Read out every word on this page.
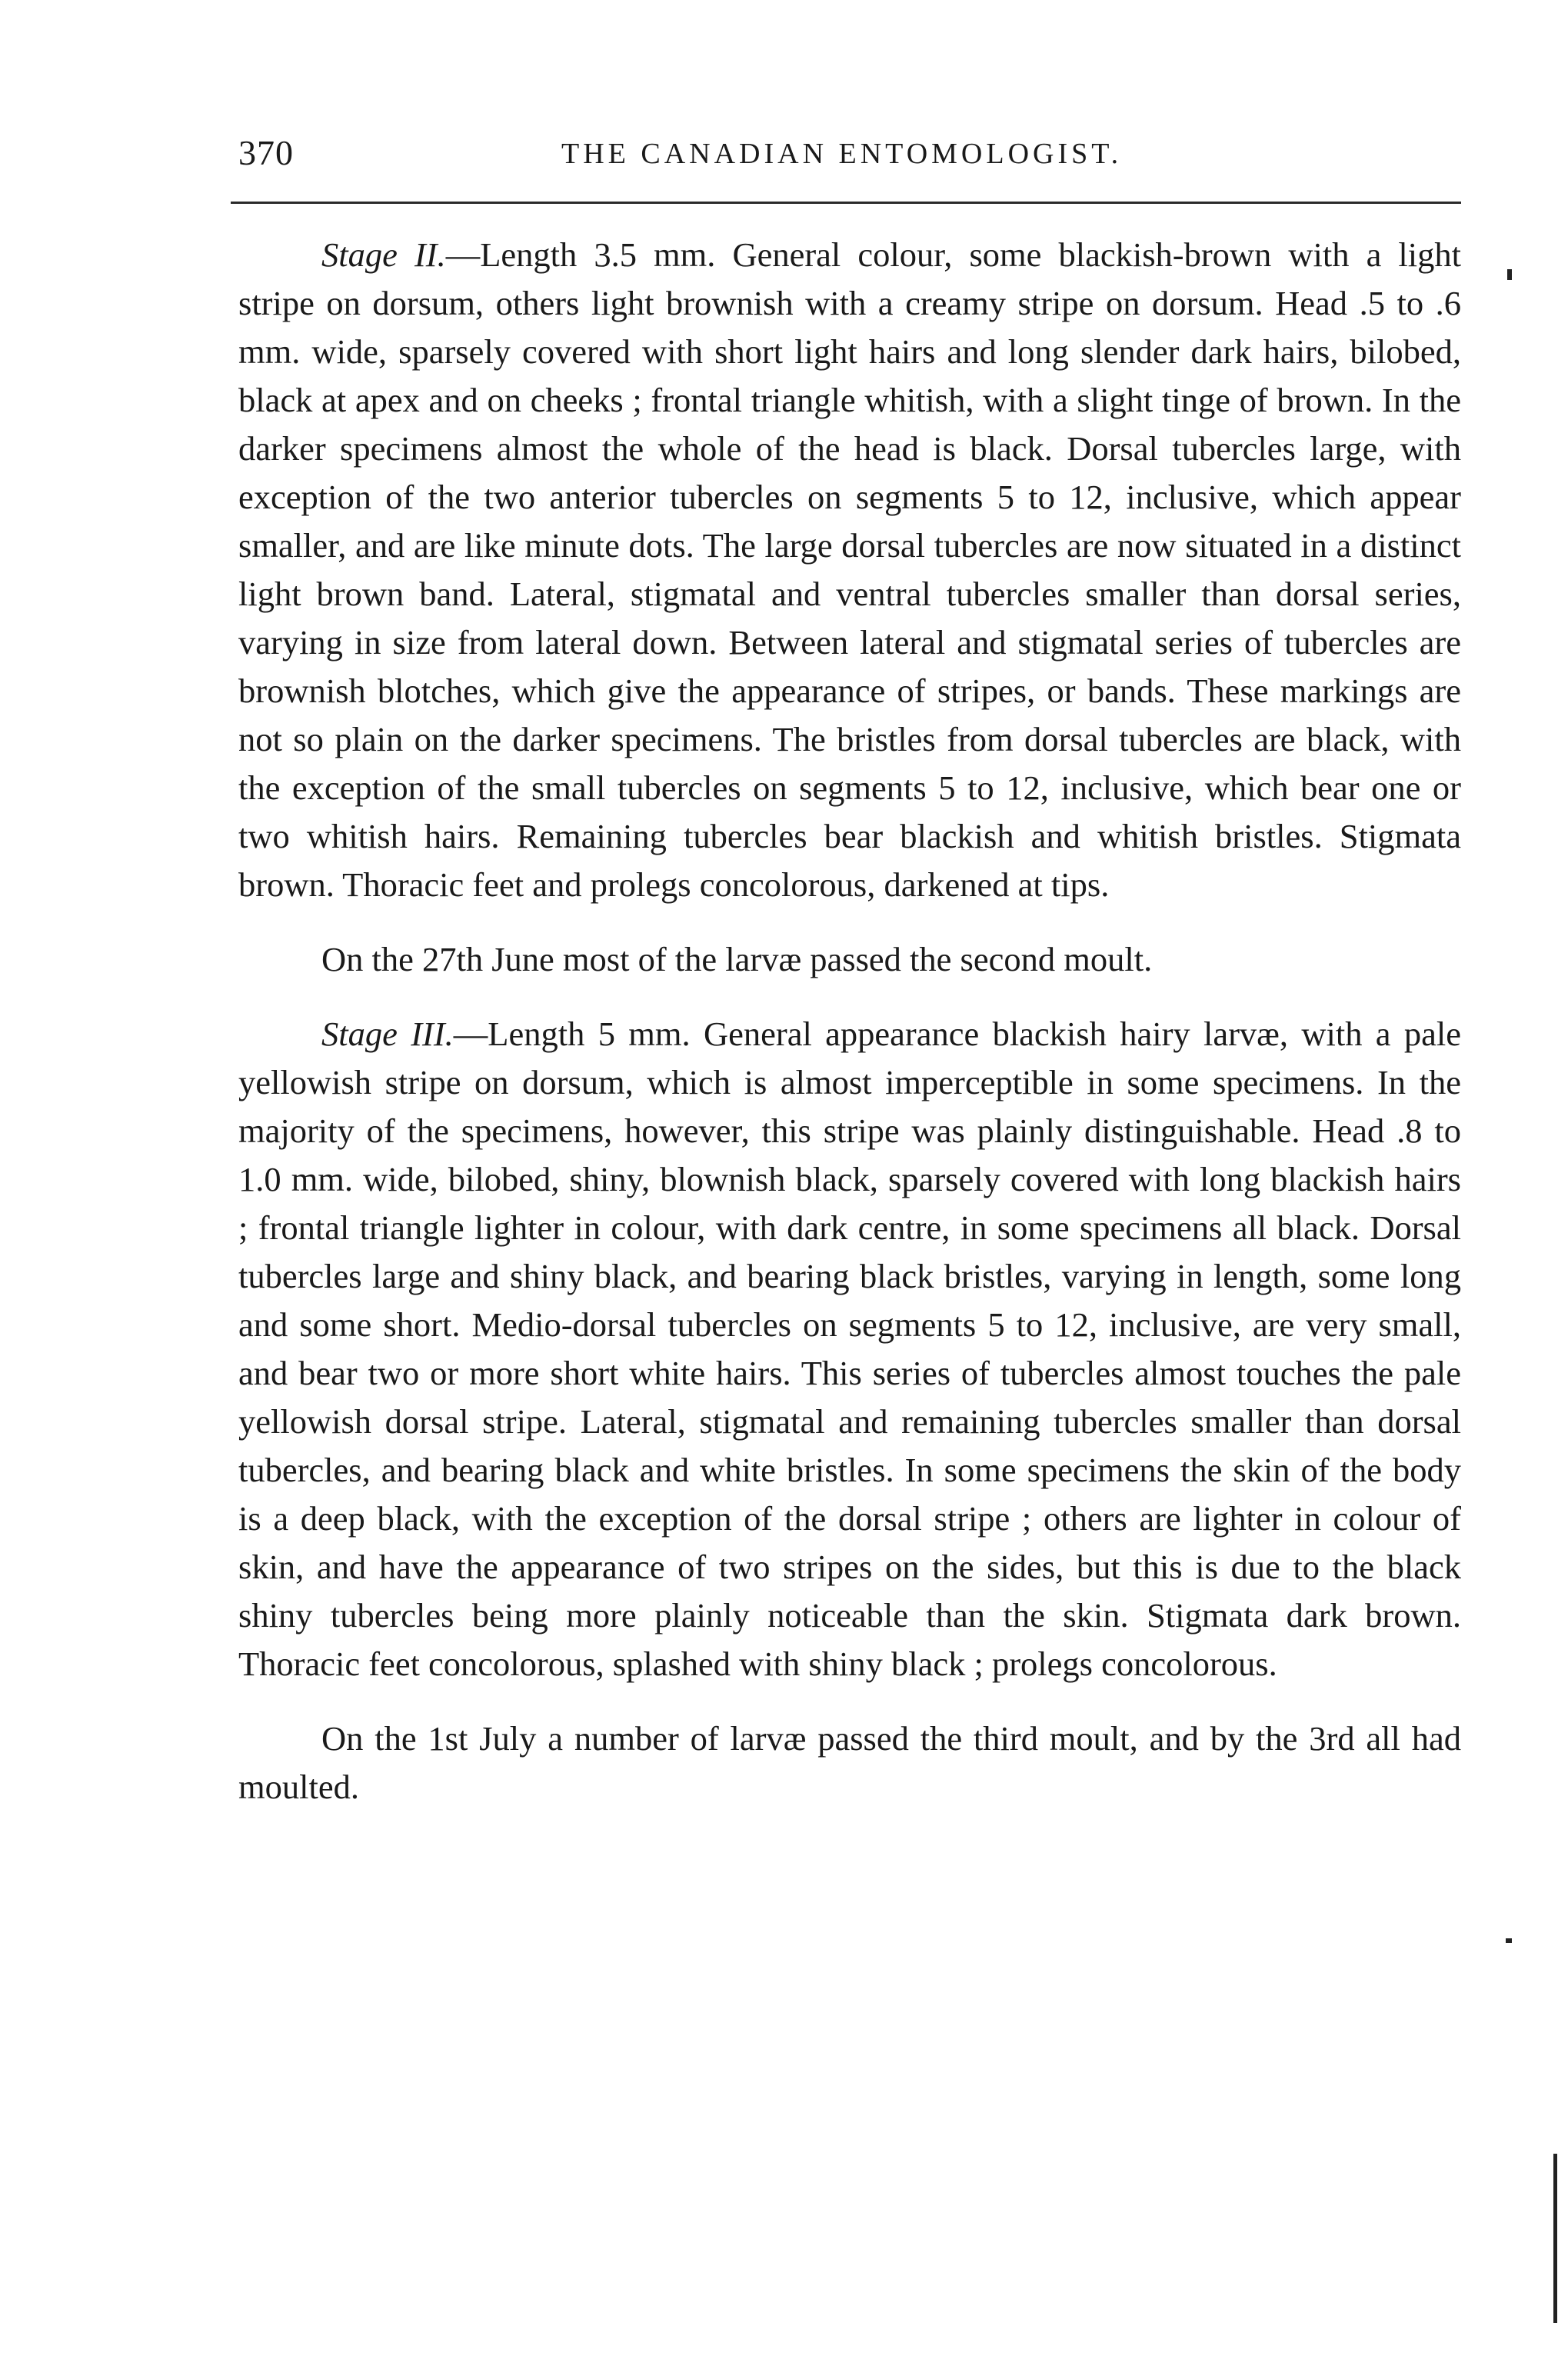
370	THE CANADIAN ENTOMOLOGIST.

Stage II.—Length 3.5 mm. General colour, some blackish-brown with a light stripe on dorsum, others light brownish with a creamy stripe on dorsum. Head .5 to .6 mm. wide, sparsely covered with short light hairs and long slender dark hairs, bilobed, black at apex and on cheeks ; frontal triangle whitish, with a slight tinge of brown. In the darker specimens almost the whole of the head is black. Dorsal tubercles large, with exception of the two anterior tubercles on segments 5 to 12, inclusive, which appear smaller, and are like minute dots. The large dorsal tubercles are now situated in a distinct light brown band. Lateral, stigmatal and ventral tubercles smaller than dorsal series, varying in size from lateral down. Between lateral and stigmatal series of tubercles are brownish blotches, which give the appearance of stripes, or bands. These markings are not so plain on the darker specimens. The bristles from dorsal tubercles are black, with the exception of the small tubercles on segments 5 to 12, inclusive, which bear one or two whitish hairs. Remaining tubercles bear blackish and whitish bristles. Stigmata brown. Thoracic feet and prolegs concolorous, darkened at tips.

On the 27th June most of the larvæ passed the second moult.

Stage III.—Length 5 mm. General appearance blackish hairy larvæ, with a pale yellowish stripe on dorsum, which is almost imperceptible in some specimens. In the majority of the specimens, however, this stripe was plainly distinguishable. Head .8 to 1.0 mm. wide, bilobed, shiny, blownish black, sparsely covered with long blackish hairs ; frontal triangle lighter in colour, with dark centre, in some specimens all black. Dorsal tubercles large and shiny black, and bearing black bristles, varying in length, some long and some short. Medio-dorsal tubercles on segments 5 to 12, inclusive, are very small, and bear two or more short white hairs. This series of tubercles almost touches the pale yellowish dorsal stripe. Lateral, stigmatal and remaining tubercles smaller than dorsal tubercles, and bearing black and white bristles. In some specimens the skin of the body is a deep black, with the exception of the dorsal stripe ; others are lighter in colour of skin, and have the appearance of two stripes on the sides, but this is due to the black shiny tubercles being more plainly noticeable than the skin. Stigmata dark brown. Thoracic feet concolorous, splashed with shiny black ; prolegs concolorous.

On the 1st July a number of larvæ passed the third moult, and by the 3rd all had moulted.
